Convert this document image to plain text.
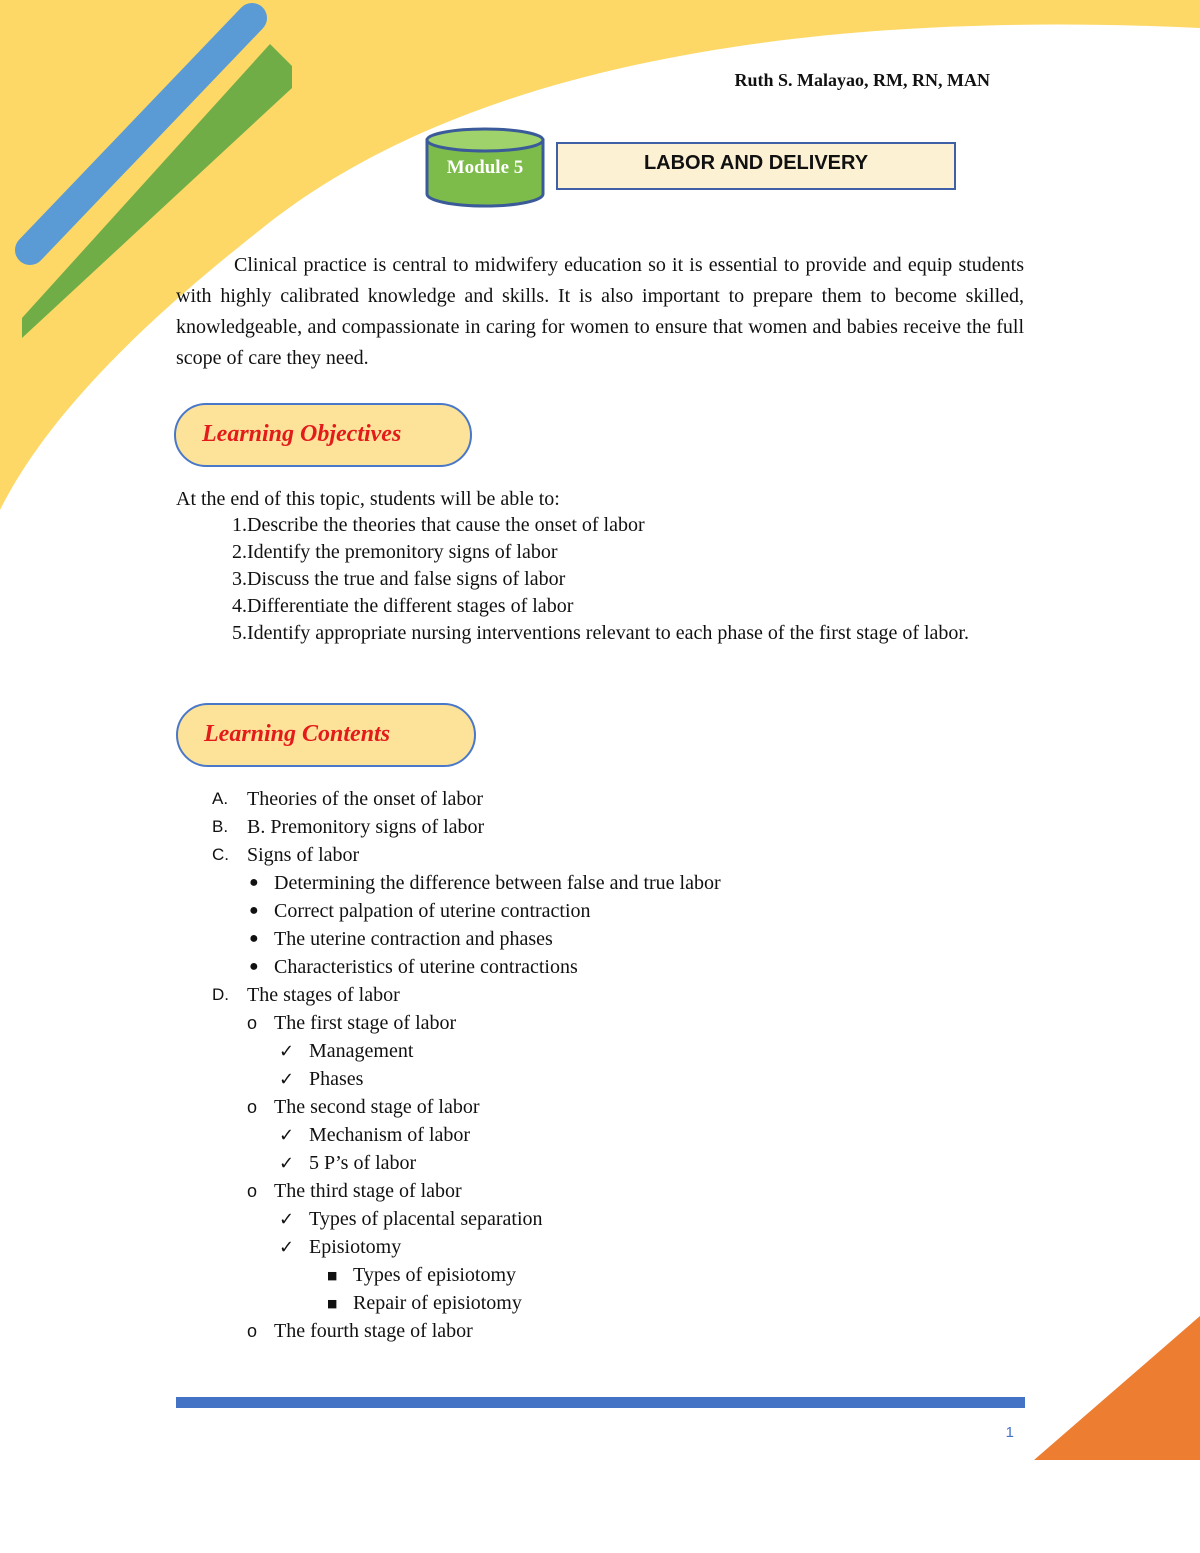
Ruth S. Malayao, RM, RN, MAN
Module 5	LABOR AND DELIVERY

Clinical practice is central to midwifery education so it is essential to provide and equip students with highly calibrated knowledge and skills. It is also important to prepare them to become skilled, knowledgeable, and compassionate in caring for women to ensure that women and babies receive the full scope of care they need.

Learning Objectives
At the end of this topic, students will be able to:
1. Describe the theories that cause the onset of labor
2. Identify the premonitory signs of labor
3. Discuss the true and false signs of labor
4. Differentiate the different stages of labor
5. Identify appropriate nursing interventions relevant to each phase of the first stage of labor.
Learning Contents
A. Theories of the onset of labor
B. B. Premonitory signs of labor
C. Signs of labor
● Determining the difference between false and true labor
● Correct palpation of uterine contraction
● The uterine contraction and phases
● Characteristics of uterine contractions
D. The stages of labor
o The first stage of labor
✓ Management
✓ Phases
o The second stage of labor
✓ Mechanism of labor
✓ 5 P’s of labor
o The third stage of labor
✓ Types of placental separation
✓ Episiotomy
■ Types of episiotomy
■ Repair of episiotomy
o The fourth stage of labor
1
